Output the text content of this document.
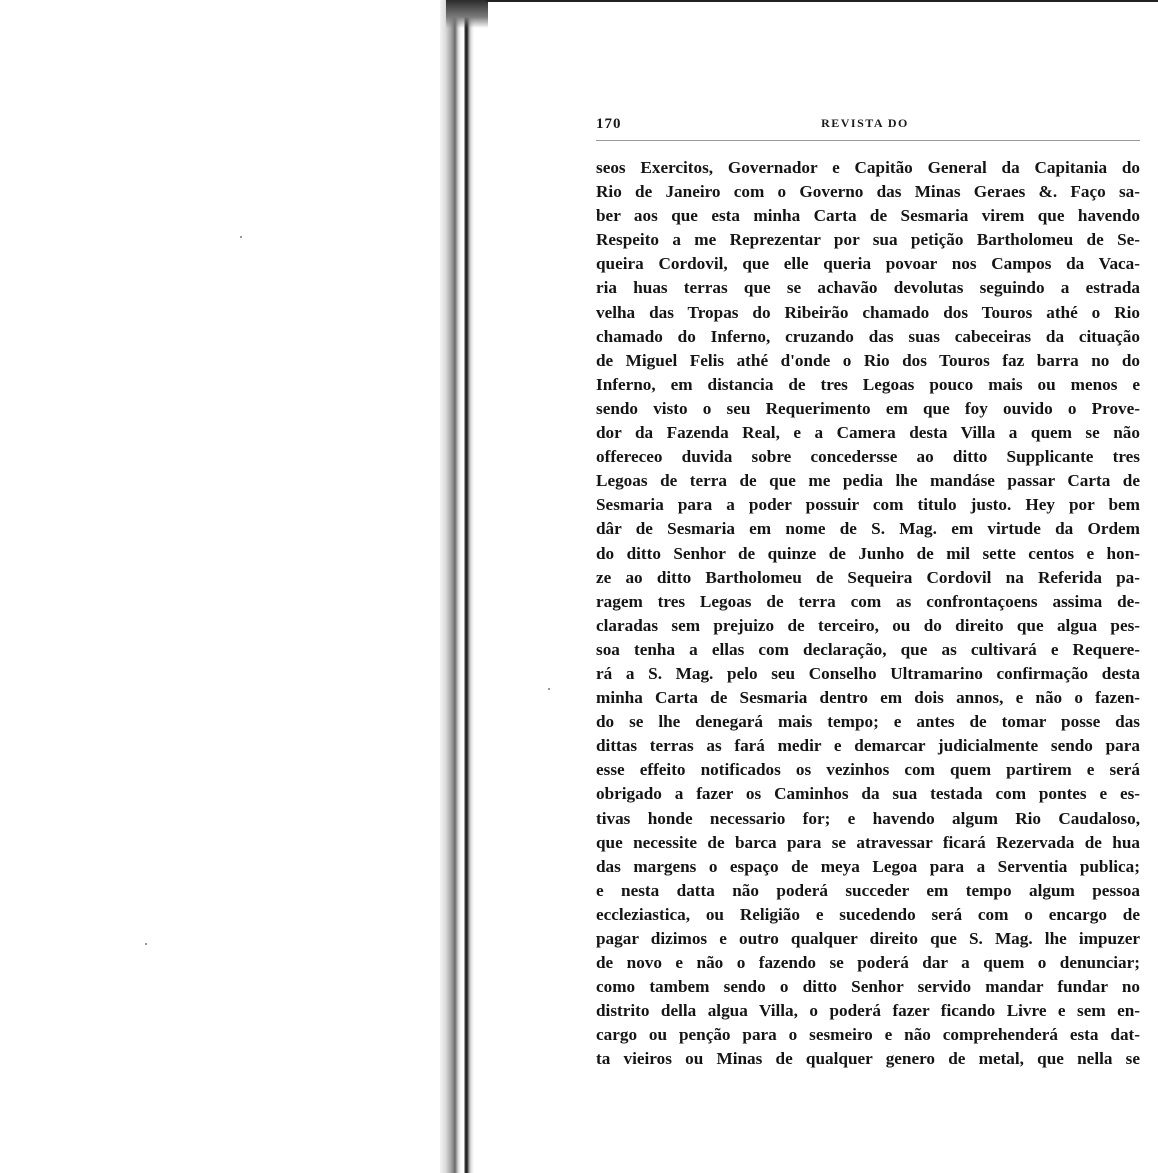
170	REVISTA DO
seos Exercitos, Governador e Capitão General da Capitania do
Rio de Janeiro com o Governo das Minas Geraes &. Faço sa-
ber aos que esta minha Carta de Sesmaria virem que havendo
Respeito a me Reprezentar por sua petição Bartholomeu de Se-
queira Cordovil, que elle queria povoar nos Campos da Vaca-
ria huas terras que se achavão devolutas seguindo a estrada
velha das Tropas do Ribeirão chamado dos Touros athé o Rio
chamado do Inferno, cruzando das suas cabeceiras da cituação
de Miguel Felis athé d'onde o Rio dos Touros faz barra no do
Inferno, em distancia de tres Legoas pouco mais ou menos e
sendo visto o seu Requerimento em que foy ouvido o Prove-
dor da Fazenda Real, e a Camera desta Villa a quem se não
offereceo duvida sobre concedersse ao ditto Supplicante tres
Legoas de terra de que me pedia lhe mandáse passar Carta de
Sesmaria para a poder possuir com titulo justo. Hey por bem
dâr de Sesmaria em nome de S. Mag. em virtude da Ordem
do ditto Senhor de quinze de Junho de mil sette centos e hon-
ze ao ditto Bartholomeu de Sequeira Cordovil na Referida pa-
ragem tres Legoas de terra com as confrontaçoens assima de-
claradas sem prejuizo de terceiro, ou do direito que algua pes-
soa tenha a ellas com declaração, que as cultivará e Requere-
rá a S. Mag. pelo seu Conselho Ultramarino confirmação desta
minha Carta de Sesmaria dentro em dois annos, e não o fazen-
do se lhe denegará mais tempo; e antes de tomar posse das
dittas terras as fará medir e demarcar judicialmente sendo para
esse effeito notificados os vezinhos com quem partirem e será
obrigado a fazer os Caminhos da sua testada com pontes e es-
tivas honde necessario for; e havendo algum Rio Caudaloso,
que necessite de barca para se atravessar ficará Rezervada de hua
das margens o espaço de meya Legoa para a Serventia publica;
e nesta datta não poderá succeder em tempo algum pessoa
eccleziastica, ou Religião e sucedendo será com o encargo de
pagar dizimos e outro qualquer direito que S. Mag. lhe impuzer
de novo e não o fazendo se poderá dar a quem o denunciar;
como tambem sendo o ditto Senhor servido mandar fundar no
distrito della algua Villa, o poderá fazer ficando Livre e sem en-
cargo ou penção para o sesmeiro e não comprehenderá esta dat-
ta vieiros ou Minas de qualquer genero de metal, que nella se
